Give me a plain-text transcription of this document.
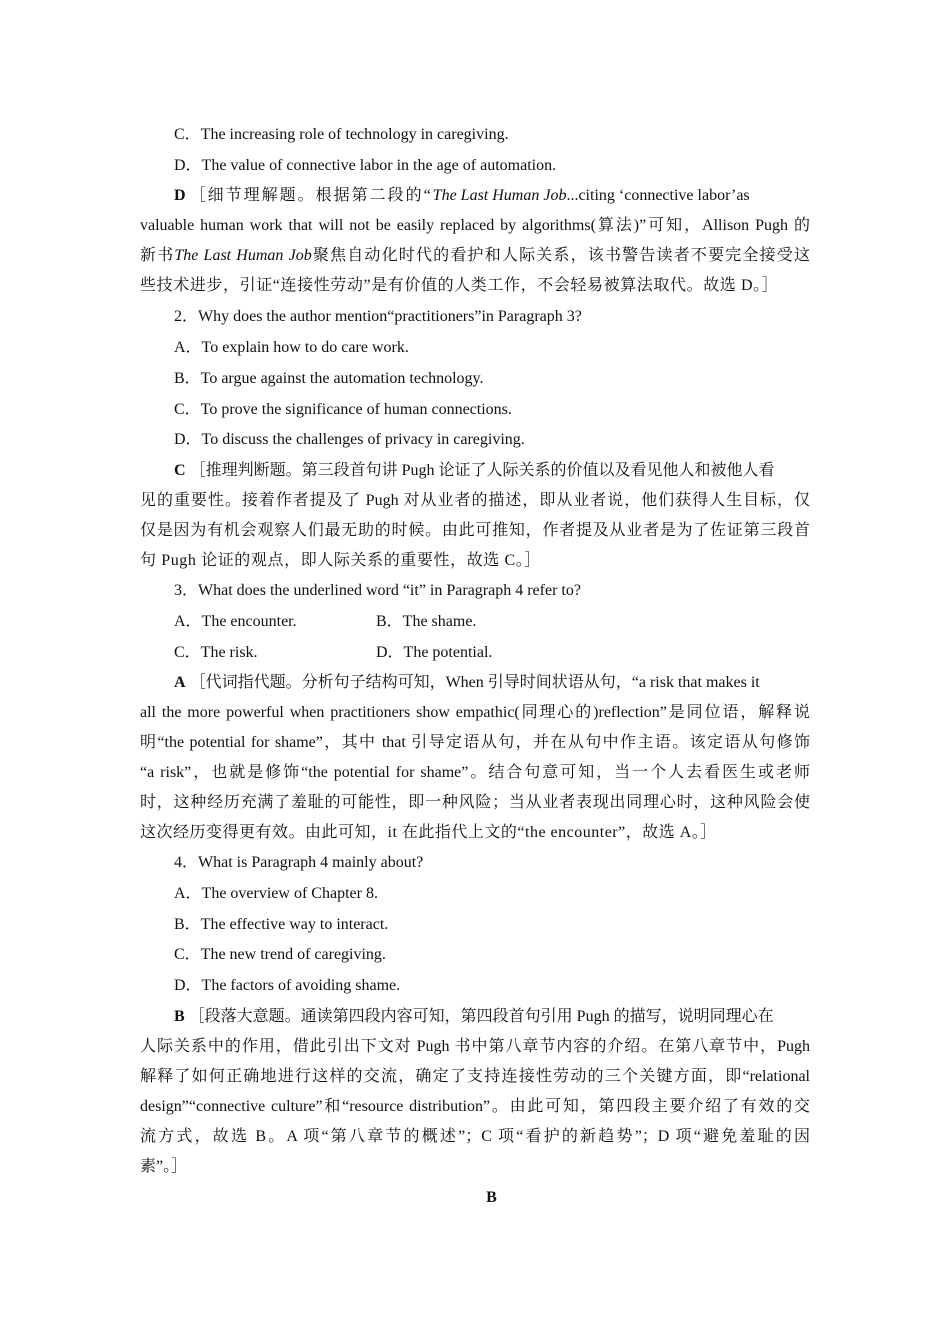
C．The increasing role of technology in caregiving.
D．The value of connective labor in the age of automation.
D ［细节理解题。根据第二段的“The Last Human Job...citing ‘connective labor’as
valuable human work that will not be easily replaced by algorithms(算法)”可知，Allison Pugh 的
新书The Last Human Job聚焦自动化时代的看护和人际关系，该书警告读者不要完全接受这
些技术进步，引证“连接性劳动”是有价值的人类工作，不会轻易被算法取代。故选 D。］
2．Why does the author mention“practitioners”in Paragraph 3?
A．To explain how to do care work.
B．To argue against the automation technology.
C．To prove the significance of human connections.
D．To discuss the challenges of privacy in caregiving.
C ［推理判断题。第三段首句讲 Pugh 论证了人际关系的价值以及看见他人和被他人看
见的重要性。接着作者提及了 Pugh 对从业者的描述，即从业者说，他们获得人生目标，仅
仅是因为有机会观察人们最无助的时候。由此可推知，作者提及从业者是为了佐证第三段首
句 Pugh 论证的观点，即人际关系的重要性，故选 C。］
3．What does the underlined word “it” in Paragraph 4 refer to?
A．The encounter.	B．The shame.
C．The risk.	D．The potential.
A ［代词指代题。分析句子结构可知，When 引导时间状语从句，“a risk that makes it
all the more powerful when practitioners show empathic(同理心的)reflection”是同位语，解释说
明“the potential for shame”，其中 that 引导定语从句，并在从句中作主语。该定语从句修饰
“a risk”，也就是修饰“the potential for shame”。结合句意可知，当一个人去看医生或老师
时，这种经历充满了羞耻的可能性，即一种风险；当从业者表现出同理心时，这种风险会使
这次经历变得更有效。由此可知，it 在此指代上文的“the encounter”，故选 A。］
4．What is Paragraph 4 mainly about?
A．The overview of Chapter 8.
B．The effective way to interact.
C．The new trend of caregiving.
D．The factors of avoiding shame.
B ［段落大意题。通读第四段内容可知，第四段首句引用 Pugh 的描写，说明同理心在
人际关系中的作用，借此引出下文对 Pugh 书中第八章节内容的介绍。在第八章节中，Pugh
解释了如何正确地进行这样的交流，确定了支持连接性劳动的三个关键方面，即“relational
design”“connective culture”和“resource distribution”。由此可知，第四段主要介绍了有效的交
流方式，故选 B。A 项“第八章节的概述”；C 项“看护的新趋势”；D 项“避免羞耻的因
素”。］
B
